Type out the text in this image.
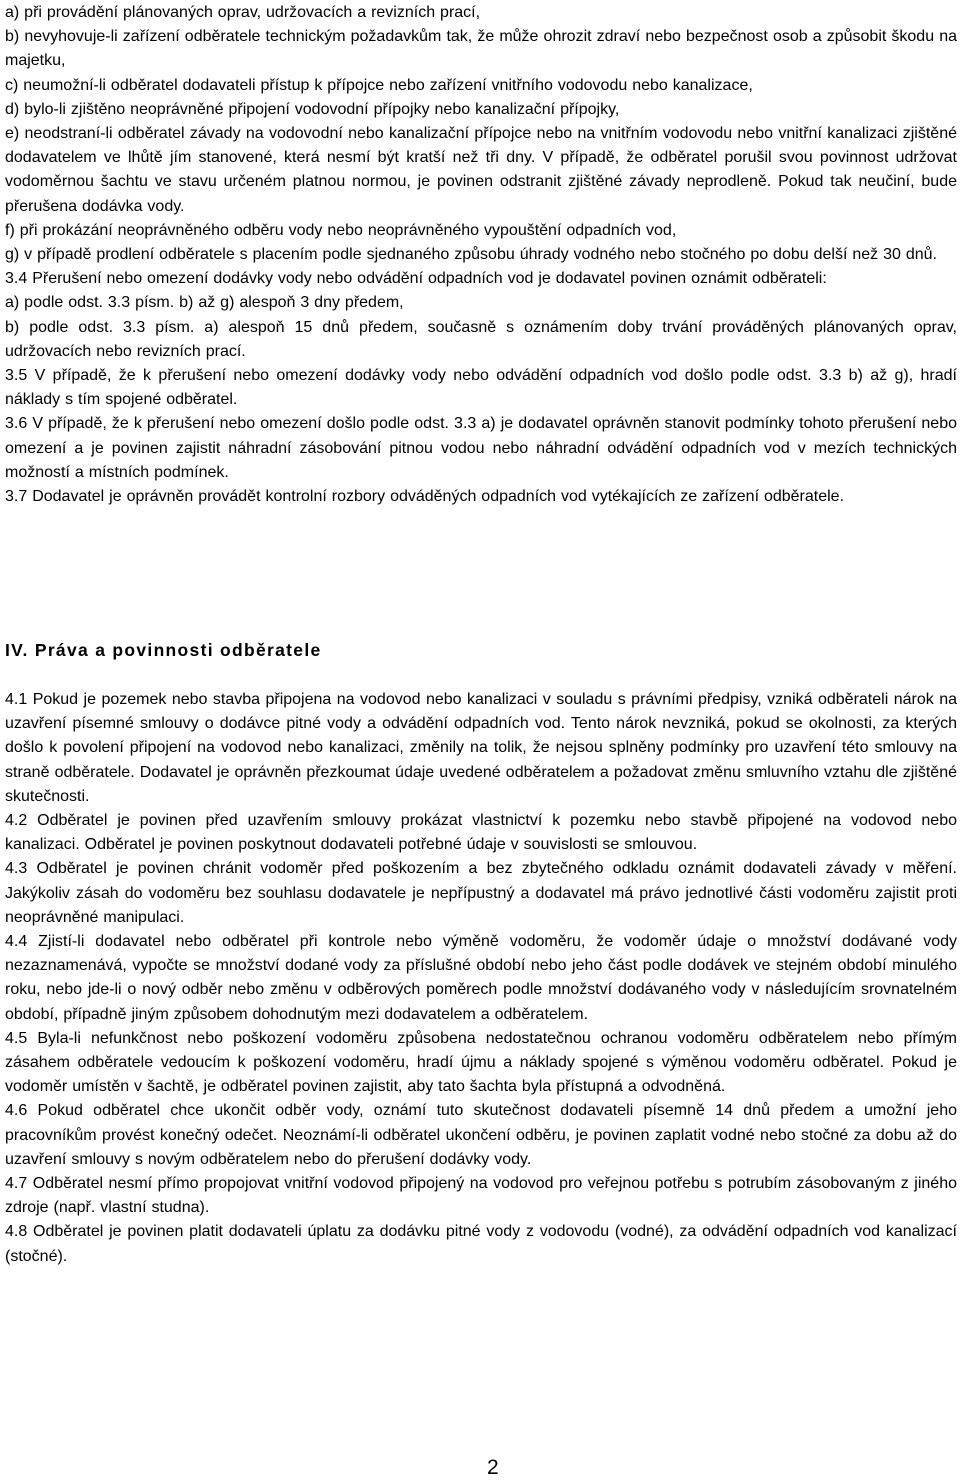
a) při provádění plánovaných oprav, udržovacích a revizních prací,

b) nevyhovuje-li zařízení odběratele technickým požadavkům tak, že může ohrozit zdraví nebo bezpečnost osob a způsobit škodu na majetku,

c) neumožní-li odběratel dodavateli přístup k přípojce nebo zařízení vnitřního vodovodu nebo kanalizace,

d) bylo-li zjištěno neoprávněné připojení vodovodní přípojky nebo kanalizační přípojky,

e) neodstraní-li odběratel závady na vodovodní nebo kanalizační přípojce nebo na vnitřním vodovodu nebo vnitřní kanalizaci zjištěné dodavatelem ve lhůtě jím stanovené, která nesmí být kratší než tři dny. V případě, že odběratel porušil svou povinnost udržovat vodoměrnou šachtu ve stavu určeném platnou normou, je povinen odstranit zjištěné závady neprodleně. Pokud tak neučiní, bude přerušena dodávka vody.

f) při prokázání neoprávněného odběru vody nebo neoprávněného vypouštění odpadních vod,

g) v případě prodlení odběratele s placením podle sjednaného způsobu úhrady vodného nebo stočného po dobu delší než 30 dnů.

3.4 Přerušení nebo omezení dodávky vody nebo odvádění odpadních vod je dodavatel povinen oznámit odběrateli:

a) podle odst. 3.3 písm. b) až g) alespoň 3 dny předem,

b) podle odst. 3.3 písm. a) alespoň 15 dnů předem, současně s oznámením doby trvání prováděných plánovaných oprav, udržovacích nebo revizních prací.

3.5 V případě, že k přerušení nebo omezení dodávky vody nebo odvádění odpadních vod došlo podle odst. 3.3 b) až g), hradí náklady s tím spojené odběratel.

3.6 V případě, že k přerušení nebo omezení došlo podle odst. 3.3 a) je dodavatel oprávněn stanovit podmínky tohoto přerušení nebo omezení a je povinen zajistit náhradní zásobování pitnou vodou nebo náhradní odvádění odpadních vod v mezích technických možností a místních podmínek.

3.7 Dodavatel je oprávněn provádět kontrolní rozbory odváděných odpadních vod vytékajících ze zařízení odběratele.

IV. Práva a povinnosti odběratele

4.1 Pokud je pozemek nebo stavba připojena na vodovod nebo kanalizaci v souladu s právními předpisy, vzniká odběrateli nárok na uzavření písemné smlouvy o dodávce pitné vody a odvádění odpadních vod. Tento nárok nevzniká, pokud se okolnosti, za kterých došlo k povolení připojení na vodovod nebo kanalizaci, změnily na tolik, že nejsou splněny podmínky pro uzavření této smlouvy na straně odběratele. Dodavatel je oprávněn přezkoumat údaje uvedené odběratelem a požadovat změnu smluvního vztahu dle zjištěné skutečnosti.

4.2 Odběratel je povinen před uzavřením smlouvy prokázat vlastnictví k pozemku nebo stavbě připojené na vodovod nebo kanalizaci. Odběratel je povinen poskytnout dodavateli potřebné údaje v souvislosti se smlouvou.

4.3 Odběratel je povinen chránit vodoměr před poškozením a bez zbytečného odkladu oznámit dodavateli závady v měření. Jakýkoliv zásah do vodoměru bez souhlasu dodavatele je nepřípustný a dodavatel má právo jednotlivé části vodoměru zajistit proti neoprávněné manipulaci.

4.4 Zjistí-li dodavatel nebo odběratel při kontrole nebo výměně vodoměru, že vodoměr údaje o množství dodávané vody nezaznamenává, vypočte se množství dodané vody za příslušné období nebo jeho část podle dodávek ve stejném období minulého roku, nebo jde-li o nový odběr nebo změnu v odběrových poměrech podle množství dodávaného vody v následujícím srovnatelném období, případně jiným způsobem dohodnutým mezi dodavatelem a odběratelem.

4.5 Byla-li nefunkčnost nebo poškození vodoměru způsobena nedostatečnou ochranou vodoměru odběratelem nebo přímým zásahem odběratele vedoucím k poškození vodoměru, hradí újmu a náklady spojené s výměnou vodoměru odběratel. Pokud je vodoměr umístěn v šachtě, je odběratel povinen zajistit, aby tato šachta byla přístupná a odvodněná.

4.6 Pokud odběratel chce ukončit odběr vody, oznámí tuto skutečnost dodavateli písemně 14 dnů předem a umožní jeho pracovníkům provést konečný odečet. Neoznámí-li odběratel ukončení odběru, je povinen zaplatit vodné nebo stočné za dobu až do uzavření smlouvy s novým odběratelem nebo do přerušení dodávky vody.

4.7 Odběratel nesmí přímo propojovat vnitřní vodovod připojený na vodovod pro veřejnou potřebu s potrubím zásobovaným z jiného zdroje (např. vlastní studna).

4.8 Odběratel je povinen platit dodavateli úplatu za dodávku pitné vody z vodovodu (vodné), za odvádění odpadních vod kanalizací (stočné).

2
